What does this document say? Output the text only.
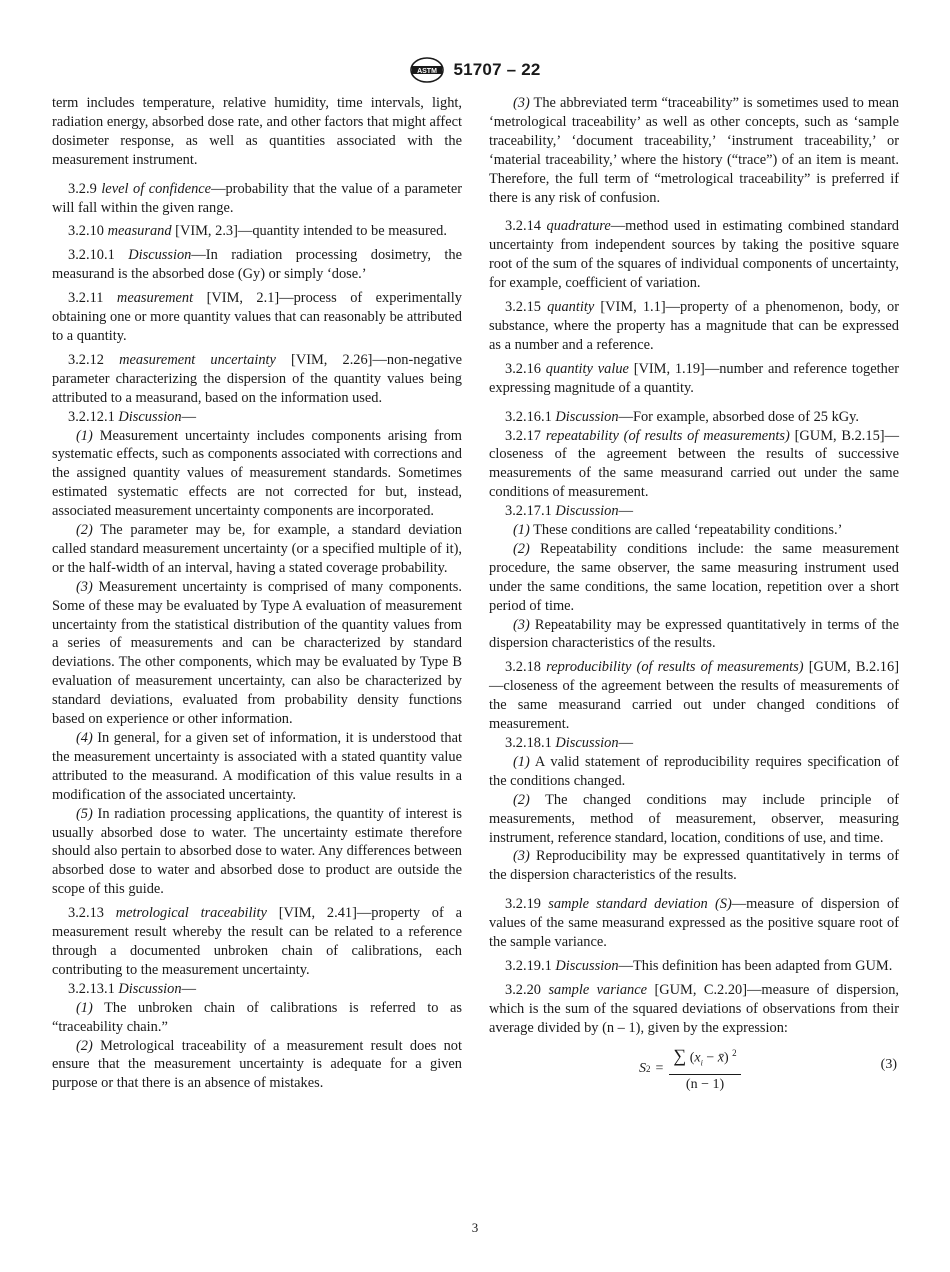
ASTM 51707 – 22

term includes temperature, relative humidity, time intervals, light, radiation energy, absorbed dose rate, and other factors that might affect dosimeter response, as well as quantities associated with the measurement instrument.

3.2.9 level of confidence—probability that the value of a parameter will fall within the given range.

3.2.10 measurand [VIM, 2.3]—quantity intended to be measured.

3.2.10.1 Discussion—In radiation processing dosimetry, the measurand is the absorbed dose (Gy) or simply ‘dose.’

3.2.11 measurement [VIM, 2.1]—process of experimentally obtaining one or more quantity values that can reasonably be attributed to a quantity.

3.2.12 measurement uncertainty [VIM, 2.26]—non-negative parameter characterizing the dispersion of the quantity values being attributed to a measurand, based on the information used.

3.2.12.1 Discussion—

(1) Measurement uncertainty includes components arising from systematic effects, such as components associated with corrections and the assigned quantity values of measurement standards. Sometimes estimated systematic effects are not corrected for but, instead, associated measurement uncertainty components are incorporated.

(2) The parameter may be, for example, a standard deviation called standard measurement uncertainty (or a specified multiple of it), or the half-width of an interval, having a stated coverage probability.

(3) Measurement uncertainty is comprised of many components. Some of these may be evaluated by Type A evaluation of measurement uncertainty from the statistical distribution of the quantity values from a series of measurements and can be characterized by standard deviations. The other components, which may be evaluated by Type B evaluation of measurement uncertainty, can also be characterized by standard deviations, evaluated from probability density functions based on experience or other information.

(4) In general, for a given set of information, it is understood that the measurement uncertainty is associated with a stated quantity value attributed to the measurand. A modification of this value results in a modification of the associated uncertainty.

(5) In radiation processing applications, the quantity of interest is usually absorbed dose to water. The uncertainty estimate therefore should also pertain to absorbed dose to water. Any differences between absorbed dose to water and absorbed dose to product are outside the scope of this guide.

3.2.13 metrological traceability [VIM, 2.41]—property of a measurement result whereby the result can be related to a reference through a documented unbroken chain of calibrations, each contributing to the measurement uncertainty.

3.2.13.1 Discussion—

(1) The unbroken chain of calibrations is referred to as “traceability chain.”

(2) Metrological traceability of a measurement result does not ensure that the measurement uncertainty is adequate for a given purpose or that there is an absence of mistakes.

(3) The abbreviated term “traceability” is sometimes used to mean ‘metrological traceability’ as well as other concepts, such as ‘sample traceability,’ ‘document traceability,’ ‘instrument traceability,’ or ‘material traceability,’ where the history (“trace”) of an item is meant. Therefore, the full term of “metrological traceability” is preferred if there is any risk of confusion.

3.2.14 quadrature—method used in estimating combined standard uncertainty from independent sources by taking the positive square root of the sum of the squares of individual components of uncertainty, for example, coefficient of variation.

3.2.15 quantity [VIM, 1.1]—property of a phenomenon, body, or substance, where the property has a magnitude that can be expressed as a number and a reference.

3.2.16 quantity value [VIM, 1.19]—number and reference together expressing magnitude of a quantity.

3.2.16.1 Discussion—For example, absorbed dose of 25 kGy.

3.2.17 repeatability (of results of measurements) [GUM, B.2.15]—closeness of the agreement between the results of successive measurements of the same measurand carried out under the same conditions of measurement.

3.2.17.1 Discussion—

(1) These conditions are called ‘repeatability conditions.’

(2) Repeatability conditions include: the same measurement procedure, the same observer, the same measuring instrument used under the same conditions, the same location, repetition over a short period of time.

(3) Repeatability may be expressed quantitatively in terms of the dispersion characteristics of the results.

3.2.18 reproducibility (of results of measurements) [GUM, B.2.16]—closeness of the agreement between the results of measurements of the same measurand carried out under changed conditions of measurement.

3.2.18.1 Discussion—

(1) A valid statement of reproducibility requires specification of the conditions changed.

(2) The changed conditions may include principle of measurements, method of measurement, observer, measuring instrument, reference standard, location, conditions of use, and time.

(3) Reproducibility may be expressed quantitatively in terms of the dispersion characteristics of the results.

3.2.19 sample standard deviation (S)—measure of dispersion of values of the same measurand expressed as the positive square root of the sample variance.

3.2.19.1 Discussion—This definition has been adapted from GUM.

3.2.20 sample variance [GUM, C.2.20]—measure of dispersion, which is the sum of the squared deviations of observations from their average divided by (n – 1), given by the expression:

S $2 = \frac{\sum (x_i - x̄) ^2}{(n - 1)}$	(3)
3
